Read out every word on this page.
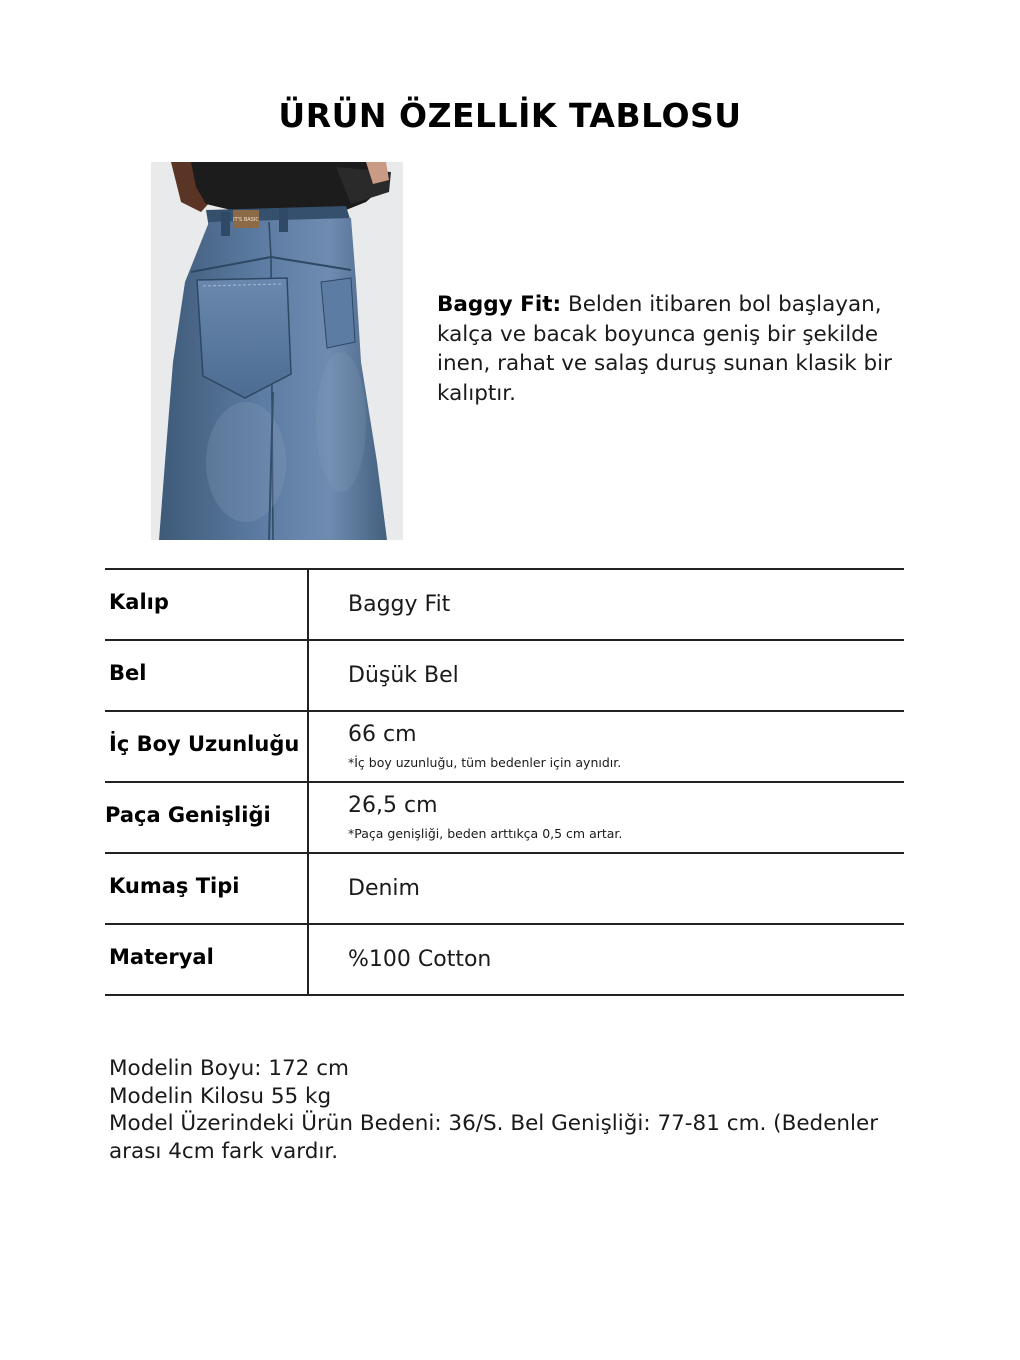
ÜRÜN ÖZELLİK TABLOSU
IT'S BASIC
Baggy Fit: Belden itibaren bol başlayan, kalça ve bacak boyunca geniş bir şekilde inen, rahat ve salaş duruş sunan klasik bir kalıptır.
Kalıp	Baggy Fit
Bel	Düşük Bel
İç Boy Uzunluğu 66 cm
*İç boy uzunluğu, tüm bedenler için aynıdır.
Paça Genişliği	26,5 cm
*Paça genişliği, beden arttıkça 0,5 cm artar.
Kumaş Tipi	Denim
Materyal	%100 Cotton
Modelin Boyu: 172 cm
Modelin Kilosu 55 kg
Model Üzerindeki Ürün Bedeni: 36/S. Bel Genişliği: 77-81 cm. (Bedenler arası 4cm fark vardır.
